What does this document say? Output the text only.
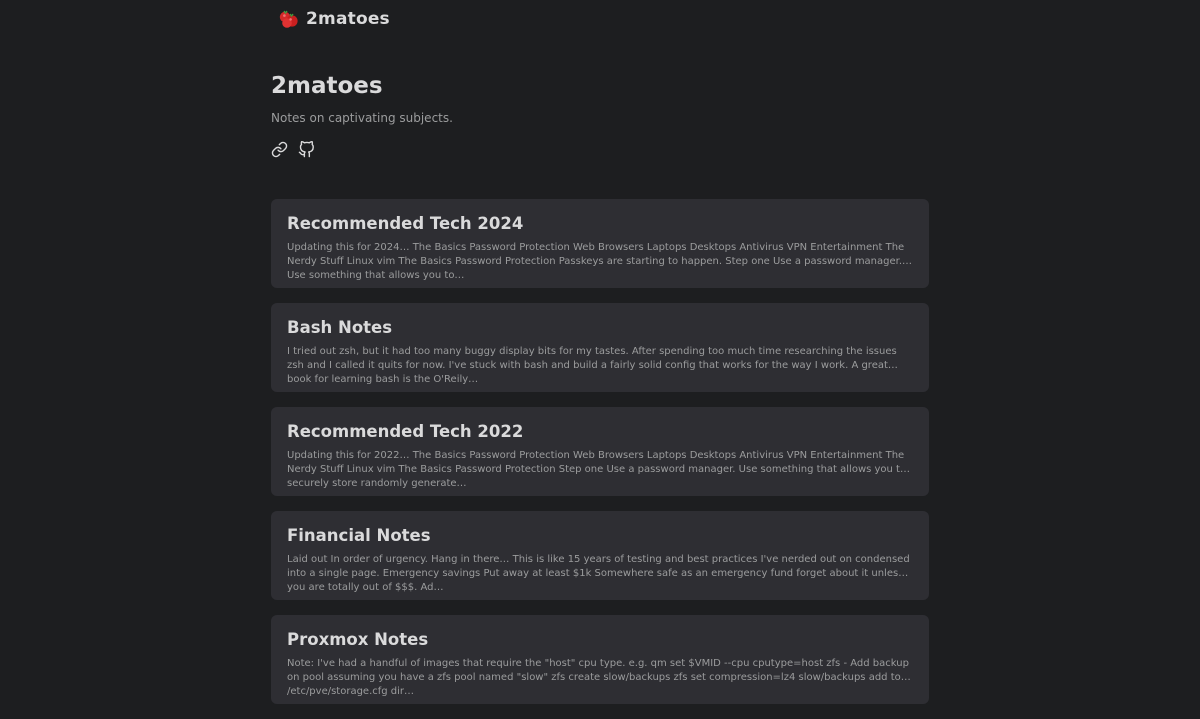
2matoes
2matoes

Notes on captivating subjects.

Recommended Tech 2024

Updating this for 2024… The Basics Password Protection Web Browsers Laptops Desktops Antivirus VPN Entertainment The Nerdy Stuff Linux vim The Basics Password Protection Passkeys are starting to happen. Step one Use a password manager. Use something that allows you to…

Bash Notes

I tried out zsh, but it had too many buggy display bits for my tastes. After spending too much time researching the issues zsh and I called it quits for now. I've stuck with bash and build a fairly solid config that works for the way I work. A great book for learning bash is the O'Reily…

Recommended Tech 2022

Updating this for 2022… The Basics Password Protection Web Browsers Laptops Desktops Antivirus VPN Entertainment The Nerdy Stuff Linux vim The Basics Password Protection Step one Use a password manager. Use something that allows you to securely store randomly generate…

Financial Notes

Laid out In order of urgency. Hang in there… This is like 15 years of testing and best practices I've nerded out on condensed into a single page. Emergency savings Put away at least $1k Somewhere safe as an emergency fund forget about it unless you are totally out of $$$. Ad…

Proxmox Notes

Note: I've had a handful of images that require the "host" cpu type. e.g. qm set $VMID --cpu cputype=host zfs - Add backup on pool assuming you have a zfs pool named "slow" zfs create slow/backups zfs set compression=lz4 slow/backups add to /etc/pve/storage.cfg dir…
